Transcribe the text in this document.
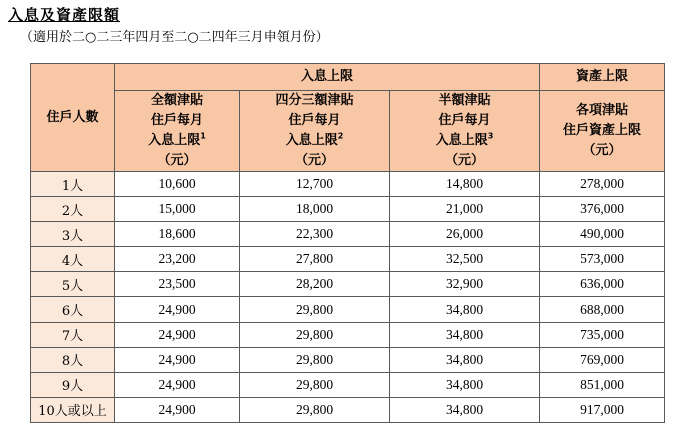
入息及資產限額
（適用於二○二三年四月至二○二四年三月申領月份）
住戶人數	入息上限			資產上限

	全額津貼
住戶每月
入息上限$^1$
（元）	四分三額津貼
住戶每月
入息上限$^2$
（元）	半額津貼
住戶每月
入息上限$^3$
（元）	各項津貼
住戶資產上限
（元）

1人	10,600	12,700	14,800	278,000
2人	15,000	18,000	21,000	376,000
3人	18,600	22,300	26,000	490,000
4人	23,200	27,800	32,500	573,000
5人	23,500	28,200	32,900	636,000
6人	24,900	29,800	34,800	688,000
7人	24,900	29,800	34,800	735,000
8人	24,900	29,800	34,800	769,000
9人	24,900	29,800	34,800	851,000
10人或以上	24,900	29,800	34,800	917,000
